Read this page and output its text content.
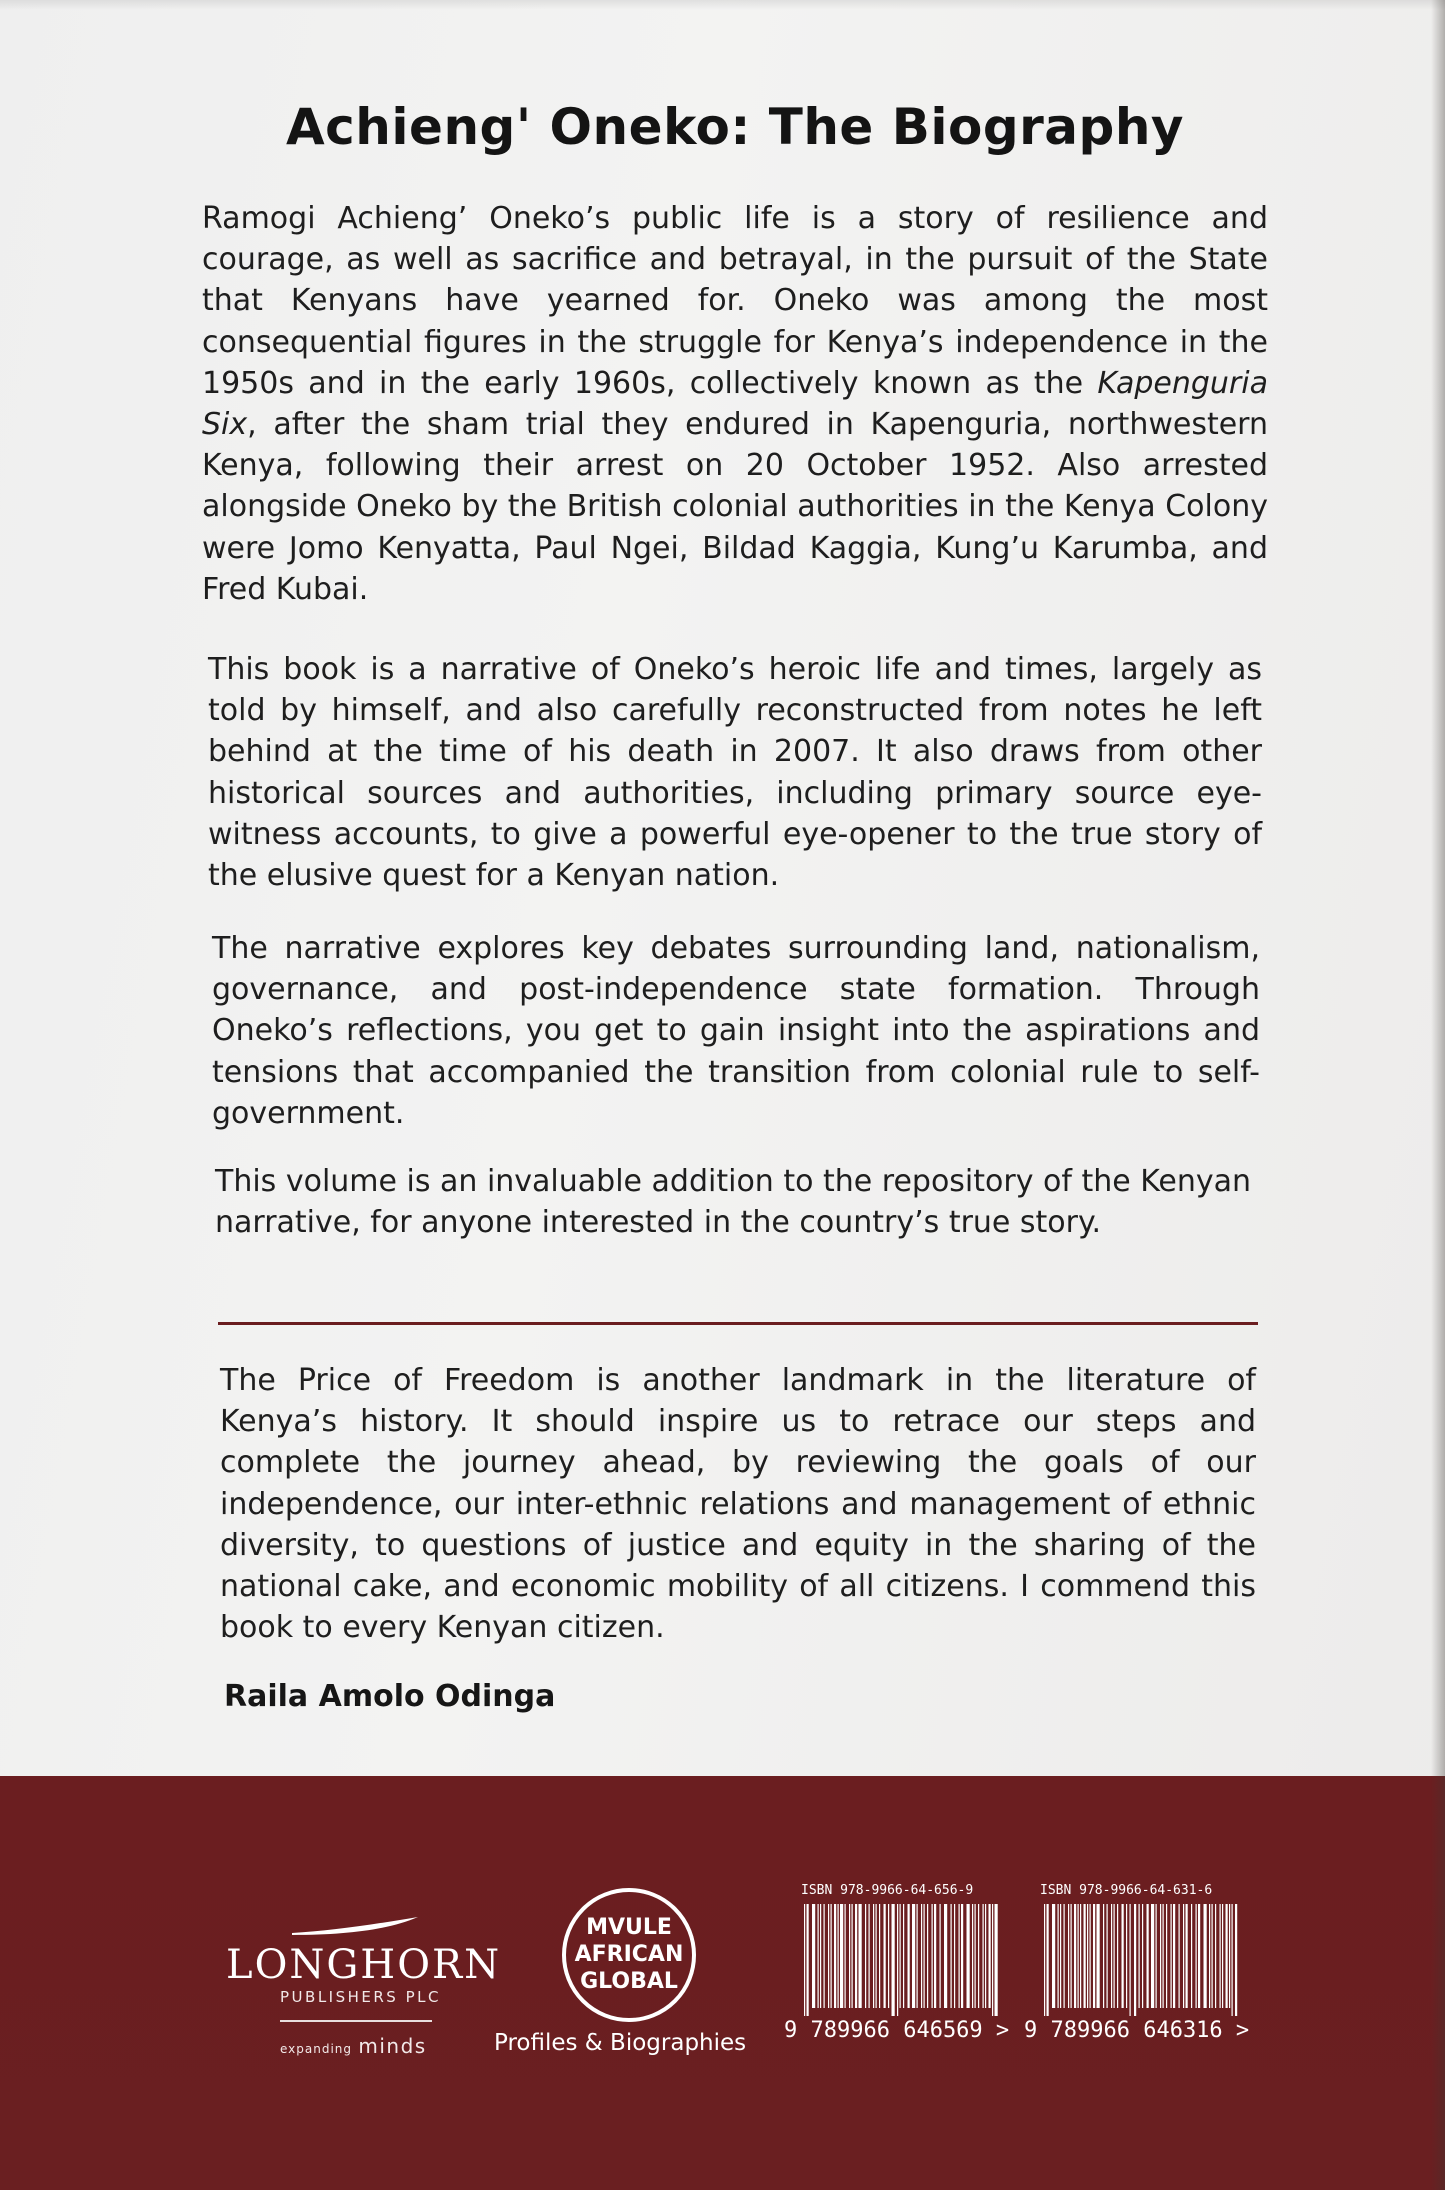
Achieng' Oneko: The Biography

Ramogi Achieng’ Oneko’s public life is a story of resilience and courage, as well as sacrifice and betrayal, in the pursuit of the State that Kenyans have yearned for. Oneko was among the most consequential figures in the struggle for Kenya’s independence in the 1950s and in the early 1960s, collectively known as the Kapenguria Six, after the sham trial they endured in Kapenguria, northwestern Kenya, following their arrest on 20 October 1952. Also arrested alongside Oneko by the British colonial authorities in the Kenya Colony were Jomo Kenyatta, Paul Ngei, Bildad Kaggia, Kung’u Karumba, and Fred Kubai.

This book is a narrative of Oneko’s heroic life and times, largely as told by himself, and also carefully reconstructed from notes he left behind at the time of his death in 2007. It also draws from other historical sources and authorities, including primary source eye-witness accounts, to give a powerful eye-opener to the true story of the elusive quest for a Kenyan nation.

The narrative explores key debates surrounding land, nationalism, governance, and post-independence state formation. Through Oneko’s reflections, you get to gain insight into the aspirations and tensions that accompanied the transition from colonial rule to self-government.

This volume is an invaluable addition to the repository of the Kenyan narrative, for anyone interested in the country’s true story.

The Price of Freedom is another landmark in the literature of Kenya’s history. It should inspire us to retrace our steps and complete the journey ahead, by reviewing the goals of our independence, our inter-ethnic relations and management of ethnic diversity, to questions of justice and equity in the sharing of the national cake, and economic mobility of all citizens. I commend this book to every Kenyan citizen.

Raila Amolo Odinga

LONGHORN
PUBLISHERS PLC
expanding minds
MVULE
AFRICAN
GLOBAL
Profiles & Biographies
ISBN 978-9966-64-656-9
9 789966 646569 >
ISBN 978-9966-64-631-6
9 789966 646316 >
